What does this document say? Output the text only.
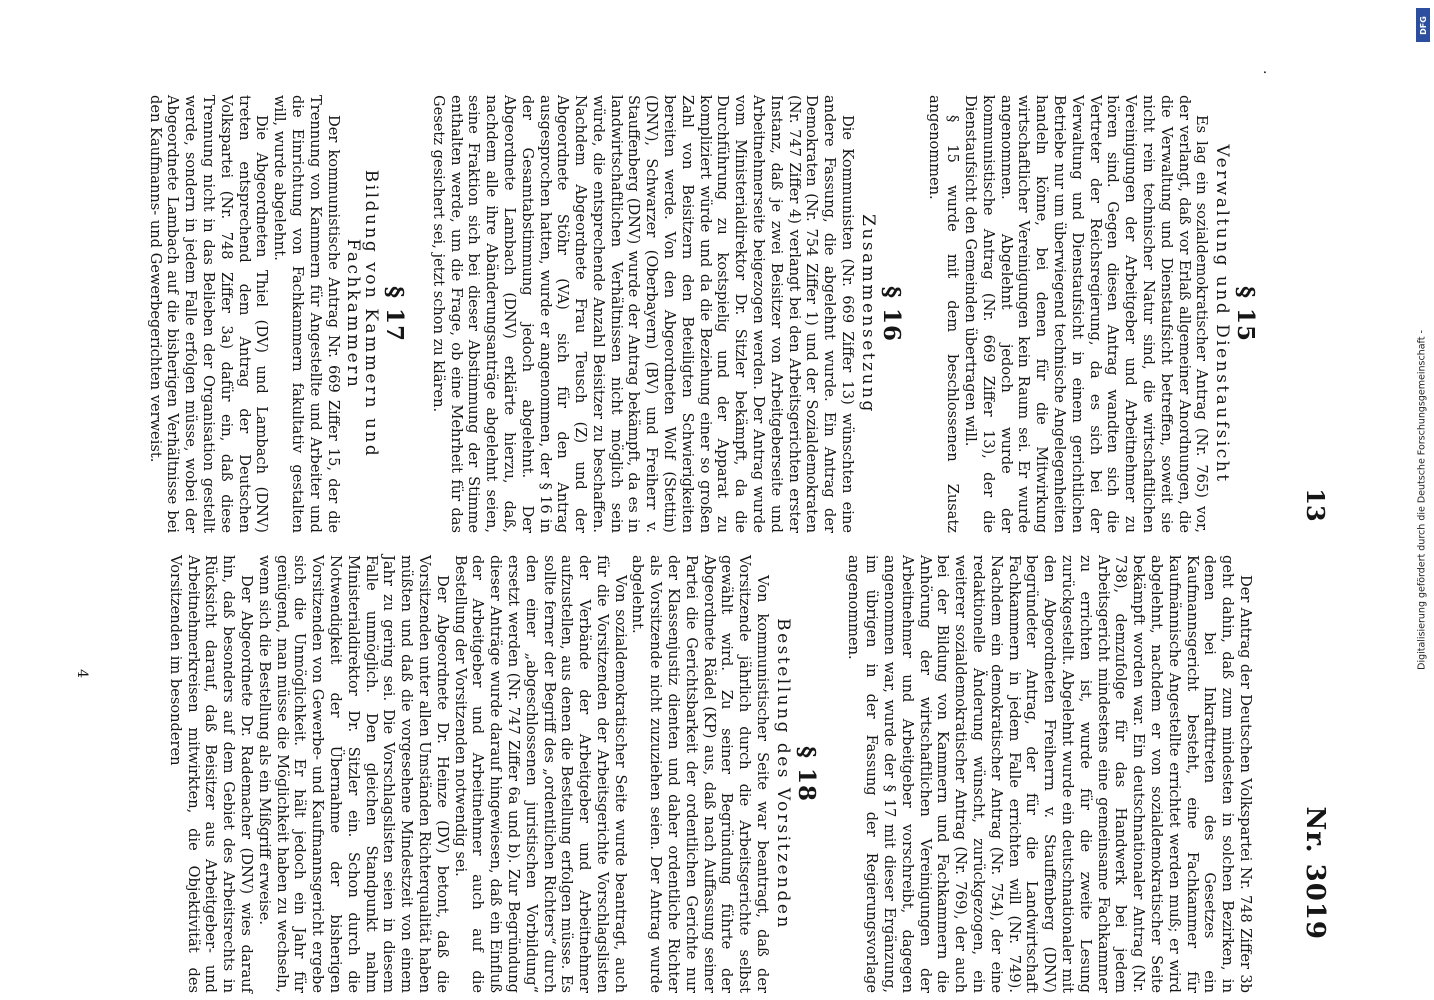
13
Nr. 3019
·
§ 15
Verwaltung und Dienstaufsicht

Es lag ein sozialdemokratischer Antrag (Nr. 765) vor, der verlangt, daß vor Erlaß allgemeiner Anordnungen, die die Verwaltung und Dienstaufsicht betreffen, soweit sie nicht rein technischer Natur sind, die wirtschaftlichen Vereinigungen der Arbeitgeber und Arbeitnehmer zu hören sind. Gegen diesen Antrag wandten sich die Vertreter der Reichsregierung, da es sich bei der Verwaltung und Dienstaufsicht in einem gerichtlichen Betriebe nur um überwiegend technische Angelegenheiten handeln könne, bei denen für die Mitwirkung wirtschaftlicher Vereinigungen kein Raum sei. Er wurde angenommen. Abgelehnt jedoch wurde der kommunistische Antrag (Nr. 669 Ziffer 13), der die Dienstaufsicht den Gemeinden übertragen will.

§ 15 wurde mit dem beschlossenen Zusatz angenommen.

§ 16
Zusammensetzung

Die Kommunisten (Nr. 669 Ziffer 13) wünschten eine andere Fassung, die abgelehnt wurde. Ein Antrag der Demokraten (Nr. 754 Ziffer 1) und der Sozialdemokraten (Nr. 747 Ziffer 4) verlangt bei den Arbeitsgerichten erster Instanz, daß je zwei Beisitzer von Arbeitgeberseite und Arbeitnehmerseite beigezogen werden. Der Antrag wurde vom Ministerialdirektor Dr. Sitzler bekämpft, da die Durchführung zu kostspielig und der Apparat zu kompliziert würde und da die Beziehung einer so großen Zahl von Beisitzern den Beteiligten Schwierigkeiten bereiten werde. Von den Abgeordneten Wolf (Stettin) (DNV), Schwarzer (Oberbayern) (BV) und Freiherr v. Stauffenberg (DNV) wurde der Antrag bekämpft, da es in landwirtschaftlichen Verhältnissen nicht möglich sein würde, die entsprechende Anzahl Beisitzer zu beschaffen. Nachdem Abgeordnete Frau Teusch (Z) und der Abgeordnete Stöhr (VA) sich für den Antrag ausgesprochen hatten, wurde er angenommen, der § 16 in der Gesamtabstimmung jedoch abgelehnt. Der Abgeordnete Lambach (DNV) erklärte hierzu, daß, nachdem alle ihre Abänderungsanträge abgelehnt seien, seine Fraktion sich bei dieser Abstimmung der Stimme enthalten werde, um die Frage, ob eine Mehrheit für das Gesetz gesichert sei, jetzt schon zu klären.

§ 17
Bildung von Kammern und Fachkammern

Der kommunistische Antrag Nr. 669 Ziffer 15, der die Trennung von Kammern für Angestellte und Arbeiter und die Einrichtung von Fachkammern fakultativ gestalten will, wurde abgelehnt.

Die Abgeordneten Thiel (DV) und Lambach (DNV) treten entsprechend dem Antrag der Deutschen Volkspartei (Nr. 748 Ziffer 3a) dafür ein, daß diese Trennung nicht in das Belieben der Organisation gestellt werde, sondern in jedem Falle erfolgen müsse, wobei der Abgeordnete Lambach auf die bisherigen Verhältnisse bei den Kaufmanns- und Gewerbegerichten verweist.

Der Antrag der Deutschen Volkspartei Nr. 748 Ziffer 3b geht dahin, daß zum mindesten in solchen Bezirken, in denen bei Inkrafttreten des Gesetzes ein Kaufmannsgericht besteht, eine Fachkammer für kaufmännische Angestellte errichtet werden muß; er wird abgelehnt, nachdem er von sozialdemokratischer Seite bekämpft worden war. Ein deutschnationaler Antrag (Nr. 738), demzufolge für das Handwerk bei jedem Arbeitsgericht mindestens eine gemeinsame Fachkammer zu errichten ist, wurde für die zweite Lesung zurückgestellt. Abgelehnt wurde ein deutschnationaler mit den Abgeordneten Freiherrn v. Stauffenberg (DNV) begründeter Antrag, der für die Landwirtschaft Fachkammern in jedem Falle errichten will (Nr. 749). Nachdem ein demokratischer Antrag (Nr. 754), der eine redaktionelle Änderung wünscht, zurückgezogen, ein weiterer sozialdemokratischer Antrag (Nr. 769), der auch bei der Bildung von Kammern und Fachkammern die Anhörung der wirtschaftlichen Vereinigungen der Arbeitnehmer und Arbeitgeber vorschreibt, dagegen angenommen war, wurde der § 17 mit dieser Ergänzung, im übrigen in der Fassung der Regierungsvorlage angenommen.

§ 18
Bestellung des Vorsitzenden

Von kommunistischer Seite war beantragt, daß der Vorsitzende jährlich durch die Arbeitsgerichte selbst gewählt wird. Zu seiner Begründung führte der Abgeordnete Rädel (KP) aus, daß nach Auffassung seiner Partei die Gerichtsbarkeit der ordentlichen Gerichte nur der Klassenjustiz dienten und daher ordentliche Richter als Vorsitzende nicht zuzuziehen seien. Der Antrag wurde abgelehnt.

Von sozialdemokratischer Seite wurde beantragt, auch für die Vorsitzenden der Arbeitsgerichte Vorschlagslisten der Verbände der Arbeitgeber und Arbeitnehmer aufzustellen, aus denen die Bestellung erfolgen müsse. Es sollte ferner der Begriff des „ordentlichen Richters“ durch den einer „abgeschlossenen juristischen Vorbildung“ ersetzt werden (Nr. 747 Ziffer 6a und b). Zur Begründung dieser Anträge wurde darauf hingewiesen, daß ein Einfluß der Arbeitgeber und Arbeitnehmer auch auf die Bestellung der Vorsitzenden notwendig sei.

Der Abgeordnete Dr. Heinze (DV) betont, daß die Vorsitzenden unter allen Umständen Richterqualität haben müßten und daß die vorgesehene Mindestzeit von einem Jahr zu gering sei. Die Vorschlagslisten seien in diesem Falle unmöglich. Den gleichen Standpunkt nahm Ministerialdirektor Dr. Sitzler ein. Schon durch die Notwendigkeit der Übernahme der bisherigen Vorsitzenden von Gewerbe- und Kaufmannsgericht ergebe sich die Unmöglichkeit. Er hält jedoch ein Jahr für genügend, man müsse die Möglichkeit haben zu wechseln, wenn sich die Bestellung als ein Mißgriff erweise.

Der Abgeordnete Dr. Rademacher (DNV) wies darauf hin, daß besonders auf dem Gebiet des Arbeitsrechts in Rücksicht darauf, daß Beisitzer aus Arbeitgeber- und Arbeitnehmerkreisen mitwirkten, die Objektivität des Vorsitzenden im besonderen

4
DFG
Digitalisierung gefördert durch die Deutsche Forschungsgemeinschaft -
